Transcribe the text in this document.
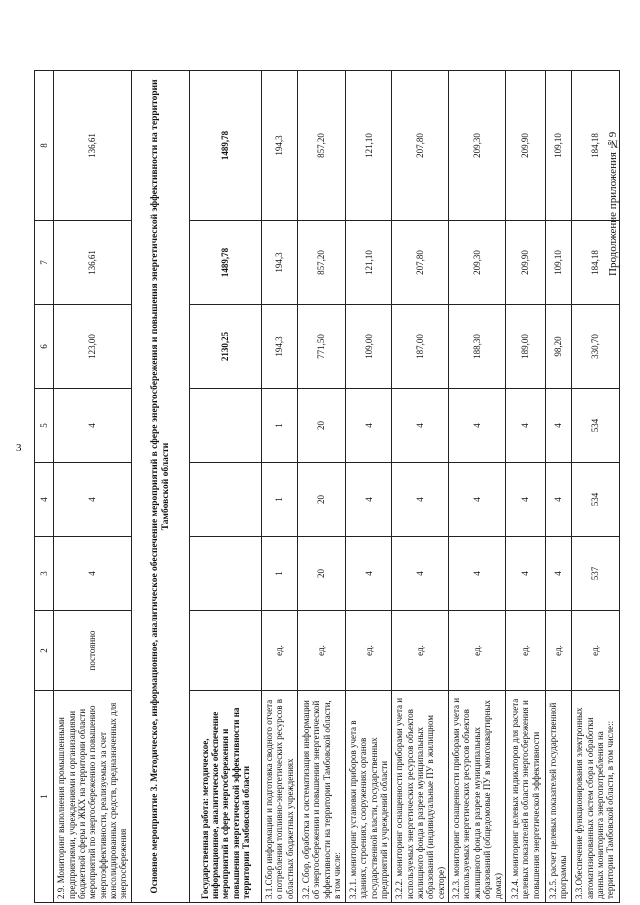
3
Продолжение приложения №9
1	2	3	4	5	6	7	8
2.9. Мониторинг выполнения промышленными предприятиями, учреждениями и организациями бюджетной сферы и ЖКХ на территории области мероприятий по энергосбережению и повышению энергоэффективности, реализуемых за счет консолидированных средств, предназначенных для энергосбережения	постоянно	4	4	4	123,00	136,61	136,61
Основное мероприятие 3. Методическое, информационное, аналитическое обеспечение мероприятий в сфере энергосбережения и повышения энергетической эффективности на территории Тамбовской области							
Государственная работа: методическое, информационное, аналитическое обеспечение мероприятий в сфере энергосбережения и повышения энергетической эффективности на территории Тамбовской области					2130,25	1489,78	1489,78
3.1.Сбор информации и подготовка сводного отчета о потреблении топливно-энергетических ресурсов в областных бюджетных учреждениях	ед.	1	1	1	194,3	194,3	194,3
3.2. Сбор, обработка и систематизация информации об энергосбережении и повышении энергетической эффективности на территории Тамбовской области, в том числе:	ед.	20	20	20	771,50	857,20	857,20
3.2.1. мониторинг установки приборов учета в зданиях, строениях, сооружениях органов государственной власти, государственных предприятий и учреждений области	ед.	4	4	4	109,00	121,10	121,10
3.2.2. мониторинг оснащенности приборами учета и используемых энергетических ресурсов объектов жилищного фонда в разрезе муниципальных образований (индивидуальные ПУ в жилищном секторе)	ед.	4	4	4	187,00	207,80	207,80
3.2.3. мониторинг оснащенности приборами учета и используемых энергетических ресурсов объектов жилищного фонда в разрезе муниципальных образований (общедомовые ПУ в многоквартирных домах)	ед.	4	4	4	188,30	209,30	209,30
3.2.4. мониторинг целевых индикаторов для расчета целевых показателей в области энергосбережения и повышения энергетической эффективности	ед.	4	4	4	189,00	209,90	209,90
3.2.5. расчет целевых показателей государственной программы	ед.	4	4	4	98,20	109,10	109,10
3.3.Обеспечение функционирования электронных автоматизированных систем сбора и обработки данных мониторинга энергопотребления на территории Тамбовской области, в том числе::	ед.	537	534	534	330,70	184,18	184,18
